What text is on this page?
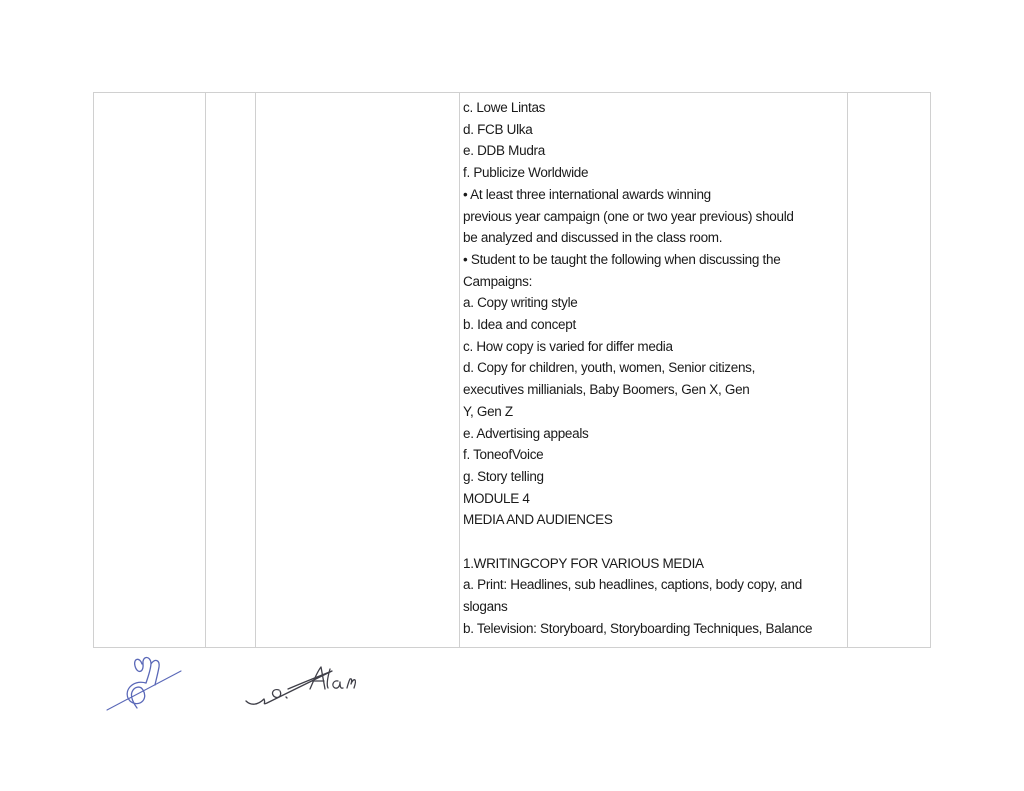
c. Lowe Lintas
d. FCB Ulka
e. DDB Mudra
f. Publicize Worldwide
• At least three international awards winning
previous year campaign (one or two year previous) should
be analyzed and discussed in the class room.
• Student to be taught the following when discussing the
Campaigns:
a. Copy writing style
b. Idea and concept
c. How copy is varied for differ media
d. Copy for children, youth, women, Senior citizens,
executives millianials, Baby Boomers, Gen X, Gen
Y, Gen Z
e. Advertising appeals
f. ToneofVoice
g. Story telling
MODULE 4
MEDIA AND AUDIENCES
1.WRITINGCOPY FOR VARIOUS MEDIA
a. Print: Headlines, sub headlines, captions, body copy, and
slogans
b. Television: Storyboard, Storyboarding Techniques, Balance
